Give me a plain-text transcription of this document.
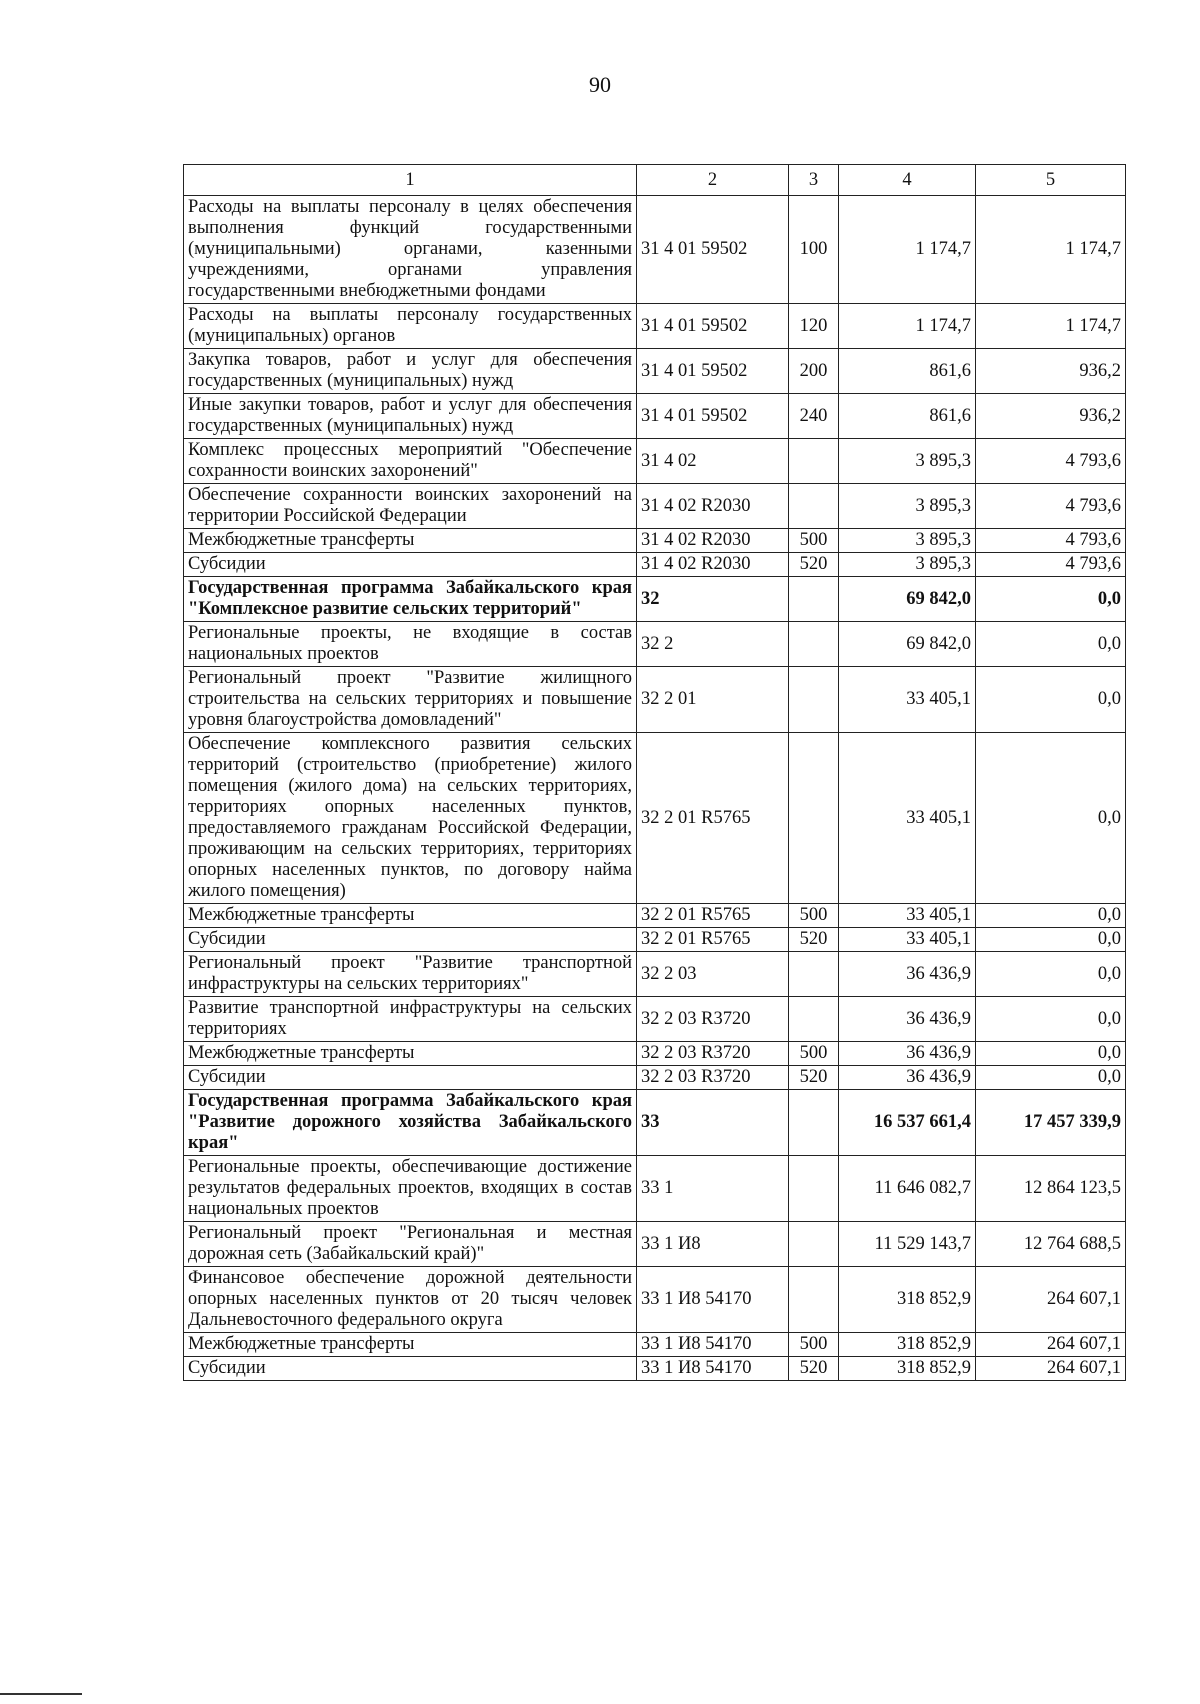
90
1	2	3	4	5
Расходы на выплаты персоналу в целях обеспечения выполнения функций государственными (муниципальными) органами, казенными учреждениями, органами управления государственными внебюджетными фондами	31 4 01 59502	100	1 174,7	1 174,7
Расходы на выплаты персоналу государственных (муниципальных) органов	31 4 01 59502	120	1 174,7	1 174,7
Закупка товаров, работ и услуг для обеспечения государственных (муниципальных) нужд	31 4 01 59502	200	861,6	936,2
Иные закупки товаров, работ и услуг для обеспечения государственных (муниципальных) нужд	31 4 01 59502	240	861,6	936,2
Комплекс процессных мероприятий "Обеспечение сохранности воинских захоронений"	31 4 02		3 895,3	4 793,6
Обеспечение сохранности воинских захоронений на территории Российской Федерации	31 4 02 R2030		3 895,3	4 793,6
Межбюджетные трансферты	31 4 02 R2030	500	3 895,3	4 793,6
Субсидии	31 4 02 R2030	520	3 895,3	4 793,6
Государственная программа Забайкальского края "Комплексное развитие сельских территорий"	32		69 842,0	0,0
Региональные проекты, не входящие в состав национальных проектов	32 2		69 842,0	0,0
Региональный проект "Развитие жилищного строительства на сельских территориях и повышение уровня благоустройства домовладений"	32 2 01		33 405,1	0,0
Обеспечение комплексного развития сельских территорий (строительство (приобретение) жилого помещения (жилого дома) на сельских территориях, территориях опорных населенных пунктов, предоставляемого гражданам Российской Федерации, проживающим на сельских территориях, территориях опорных населенных пунктов, по договору найма жилого помещения)	32 2 01 R5765		33 405,1	0,0
Межбюджетные трансферты	32 2 01 R5765	500	33 405,1	0,0
Субсидии	32 2 01 R5765	520	33 405,1	0,0
Региональный проект "Развитие транспортной инфраструктуры на сельских территориях"	32 2 03		36 436,9	0,0
Развитие транспортной инфраструктуры на сельских территориях	32 2 03 R3720		36 436,9	0,0
Межбюджетные трансферты	32 2 03 R3720	500	36 436,9	0,0
Субсидии	32 2 03 R3720	520	36 436,9	0,0
Государственная программа Забайкальского края "Развитие дорожного хозяйства Забайкальского края"	33		16 537 661,4	17 457 339,9
Региональные проекты, обеспечивающие достижение результатов федеральных проектов, входящих в состав национальных проектов	33 1		11 646 082,7	12 864 123,5
Региональный проект "Региональная и местная дорожная сеть (Забайкальский край)"	33 1 И8		11 529 143,7	12 764 688,5
Финансовое обеспечение дорожной деятельности опорных населенных пунктов от 20 тысяч человек Дальневосточного федерального округа	33 1 И8 54170		318 852,9	264 607,1
Межбюджетные трансферты	33 1 И8 54170	500	318 852,9	264 607,1
Субсидии	33 1 И8 54170	520	318 852,9	264 607,1
